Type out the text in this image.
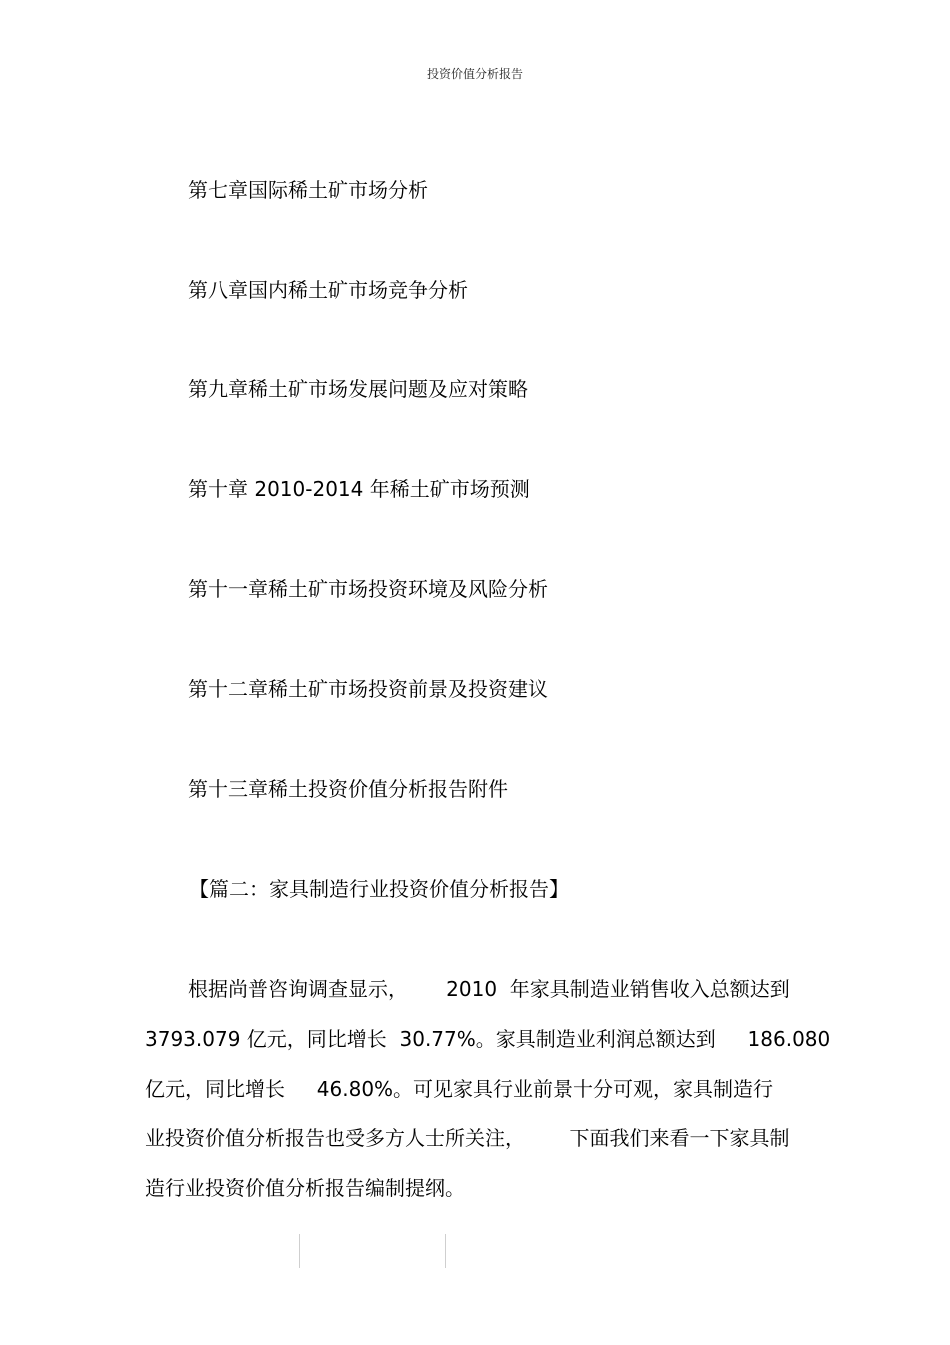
投资价值分析报告
第七章国际稀土矿市场分析
第八章国内稀土矿市场竞争分析
第九章稀土矿市场发展问题及应对策略
第十章 2010-2014 年稀土矿市场预测
第十一章稀土矿市场投资环境及风险分析
第十二章稀土矿市场投资前景及投资建议
第十三章稀土投资价值分析报告附件
【篇二：家具制造行业投资价值分析报告】
根据尚普咨询调查显示，      2010  年家具制造业销售收入总额达到
3793.079 亿元，同比增长  30.77%。家具制造业利润总额达到     186.080
亿元，同比增长     46.80%。可见家具行业前景十分可观，家具制造行
业投资价值分析报告也受多方人士所关注，       下面我们来看一下家具制
造行业投资价值分析报告编制提纲。
